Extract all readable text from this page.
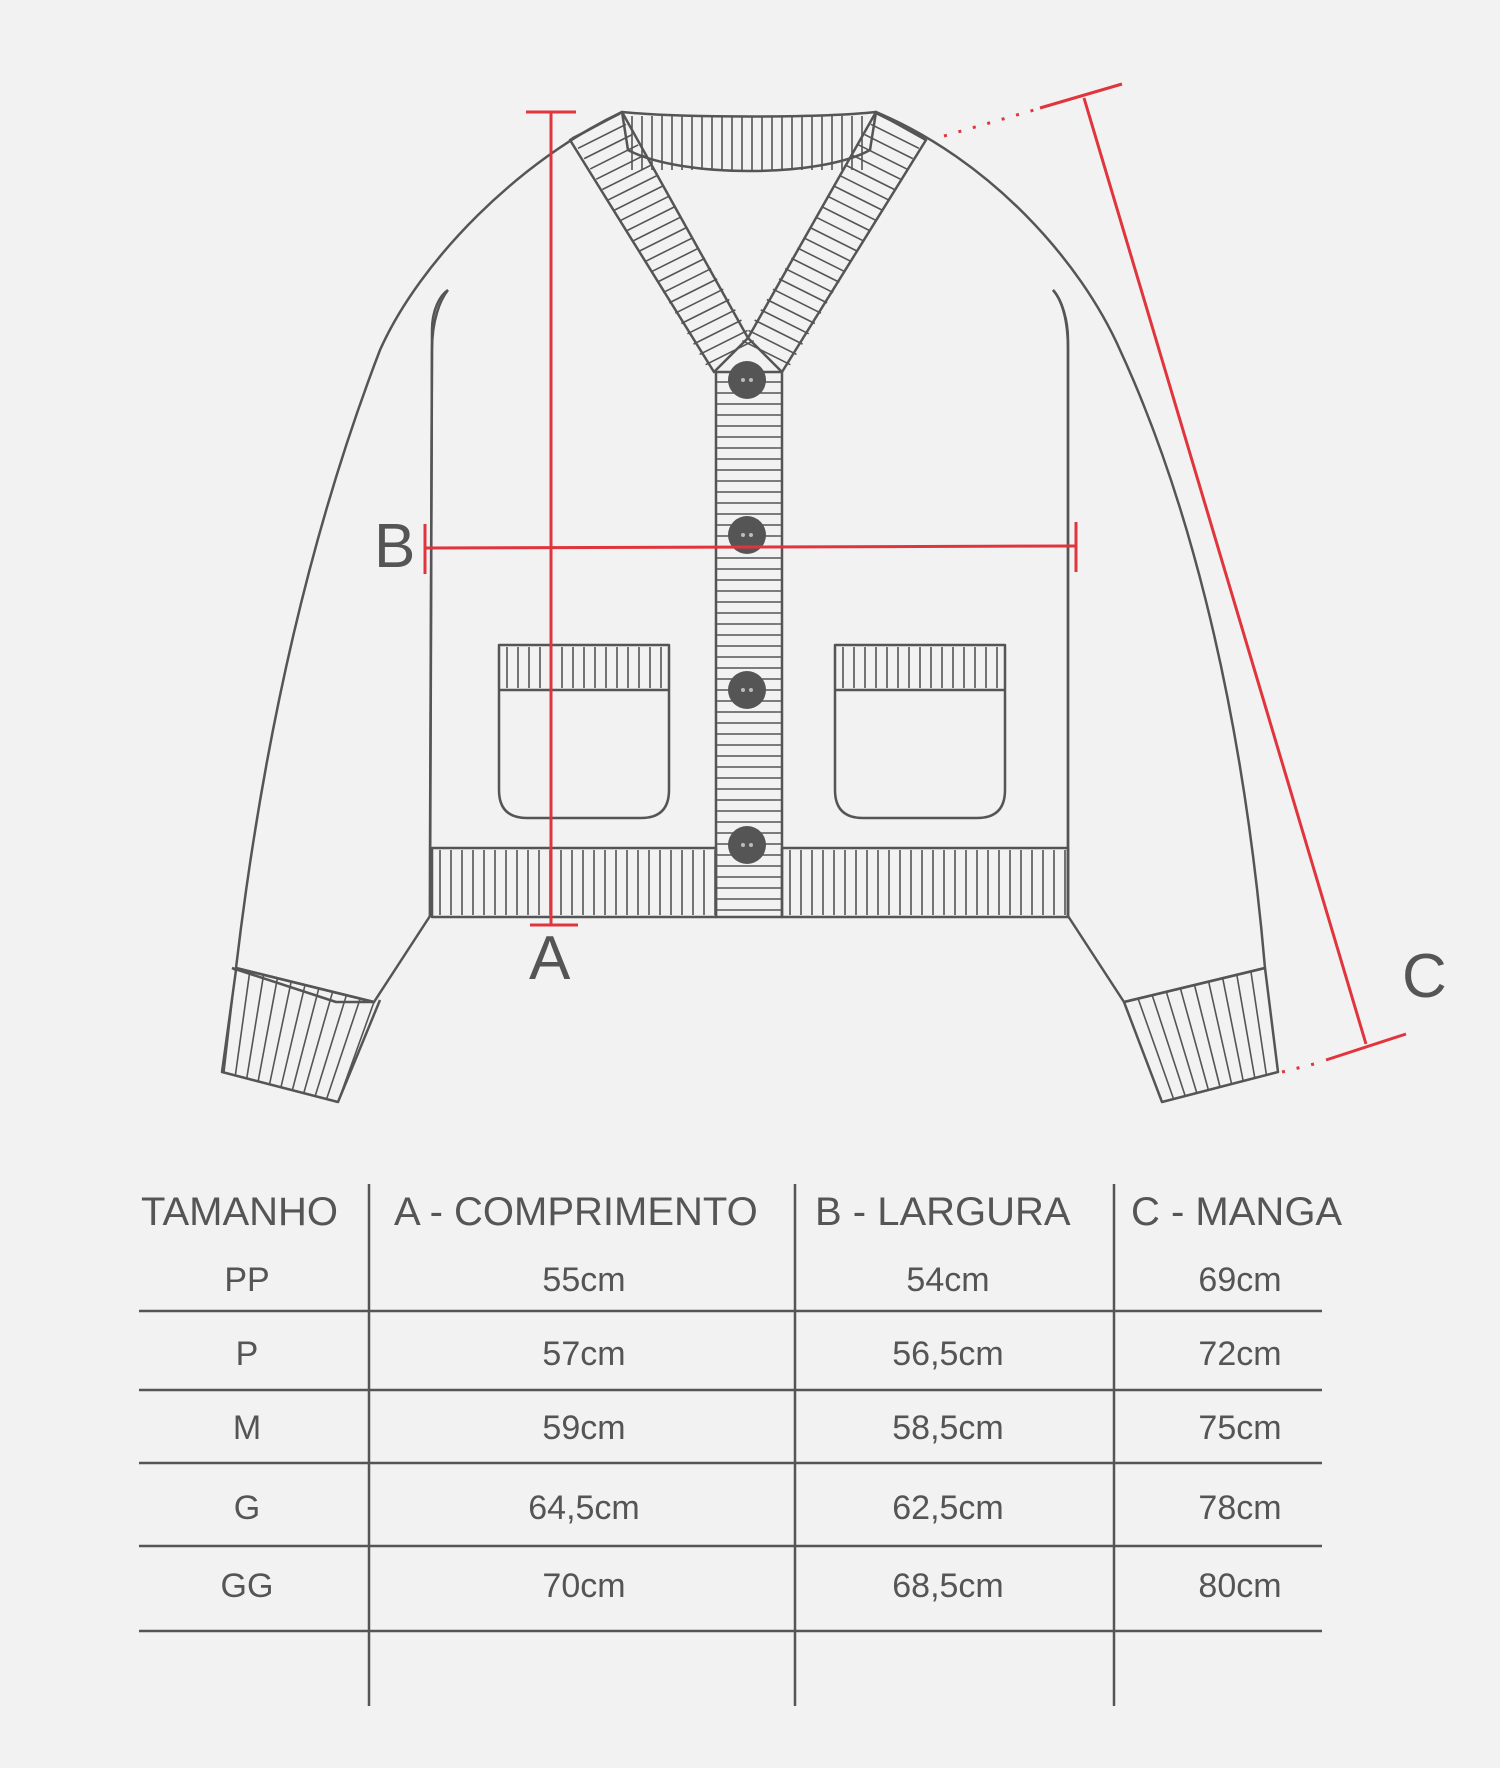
A
B
C
TAMANHO A - COMPRIMENTO B - LARGURA C - MANGA
PP	55cm	54cm	69cm
P	57cm	56,5cm	72cm
M	59cm	58,5cm	75cm
G	64,5cm	62,5cm	78cm
GG	70cm	68,5cm	80cm
